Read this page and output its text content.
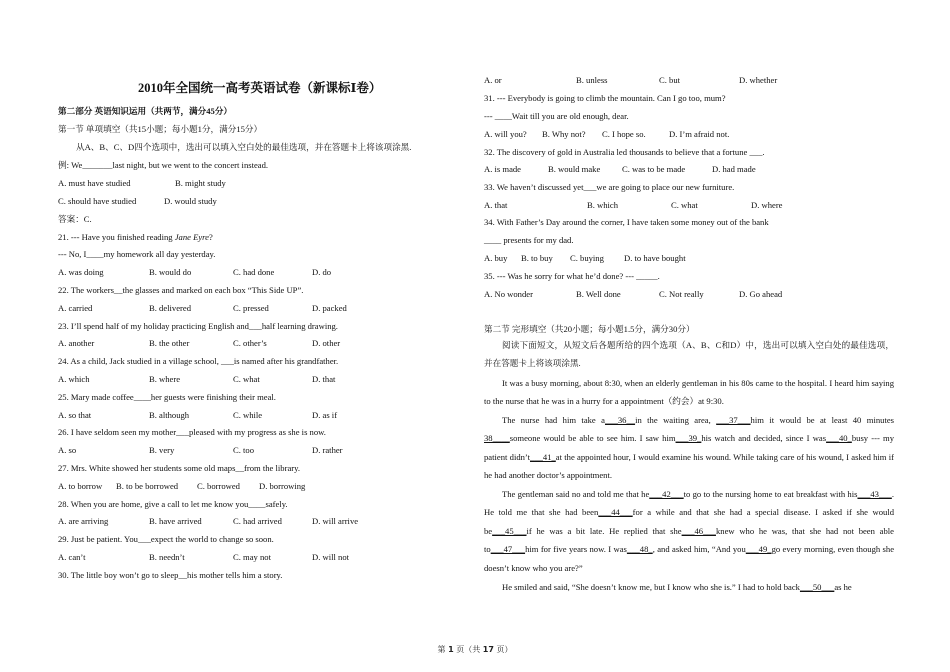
2010年全国统一高考英语试卷（新课标Ⅰ卷）
第二部分 英语知识运用（共两节，满分45分）
第一节 单项填空（共15小题；每小题1分，满分15分）
从A、B、C、D四个选项中，选出可以填入空白处的最佳选项，并在答题卡上将该项涂黑.
例: We_______last night, but we went to the concert instead.
A. must have studied	B. might study
C. should have studied	D. would study
答案：C.
21. --- Have you finished reading Jane Eyre?
--- No, I____my homework all day yesterday.
A. was doing	B. would do	C. had done	D. do
22. The workers__the glasses and marked on each box “This Side UP”.
A. carried	B. delivered	C. pressed	D. packed
23. I’ll spend half of my holiday practicing English and___half learning drawing.
A. another	B. the other	C. other’s	D. other
24. As a child, Jack studied in a village school, ___is named after his grandfather.
A. which	B. where	C. what	D. that
25. Mary made coffee____her guests were finishing their meal.
A. so that	B. although	C. while	D. as if
26. I have seldom seen my mother___pleased with my progress as she is now.
A. so	B. very	C. too	D. rather
27. Mrs. White showed her students some old maps__from the library.
A. to borrow B. to be borrowed C. borrowed D. borrowing
28. When you are home, give a call to let me know you____safely.
A. are arriving	B. have arrived	C. had arrived	D. will arrive
29. Just be patient. You___expect the world to change so soon.
A. can’t	B. needn’t	C. may not	D. will not
30. The little boy won’t go to sleep__his mother tells him a story.
A. or	B. unless	C. but	D. whether
31. --- Everybody is going to climb the mountain. Can I go too, mum?
--- ____Wait till you are old enough, dear.
A. will you? B. Why not? C. I hope so.	D. I’m afraid not.
32. The discovery of gold in Australia led thousands to believe that a fortune ___.
A. is made	B. would make	C. was to be made	D. had made
33. We haven’t discussed yet___we are going to place our new furniture.
A. that	B. which	C. what	D. where
34. With Father’s Day around the corner, I have taken some money out of the bank
____ presents for my dad.
A. buy B. to buy C. buying D. to have bought
35. --- Was he sorry for what he’d done? --- _____.
A. No wonder	B. Well done	C. Not really	D. Go ahead
第二节 完形填空（共20小题；每小题1.5分，满分30分）
阅读下面短文，从短文后各题所给的四个选项（A、B、C和D）中，选出可以填入空白处的最佳选项，并在答题卡上将该项涂黑.
It was a busy morning, about 8:30, when an elderly gentleman in his 80s came to the hospital. I heard him saying to the nurse that he was in a hurry for a appointment（约会）at 9:30.
The nurse had him take a___36__in the waiting area, ___37___him it would be at least 40 minutes 38____someone would be able to see him. I saw him___39_his watch and decided, since I was___40_busy --- my patient didn’t___41_at the appointed hour, I would examine his wound. While taking care of his wound, I asked him if he had another doctor’s appointment.
The gentleman said no and told me that he___42___to go to the nursing home to eat breakfast with his___43___. He told me that she had been___44___for a while and that she had a special disease. I asked if she would be___45___if he was a bit late. He replied that she___46___knew who he was, that she had not been able to___47___him for five years now. I was___48_, and asked him, “And you___49_go every morning, even though she doesn’t know who you are?”
He smiled and said, “She doesn’t know me, but I know who she is.” I had to hold back___50___as he
第 1 页（共 17 页）
